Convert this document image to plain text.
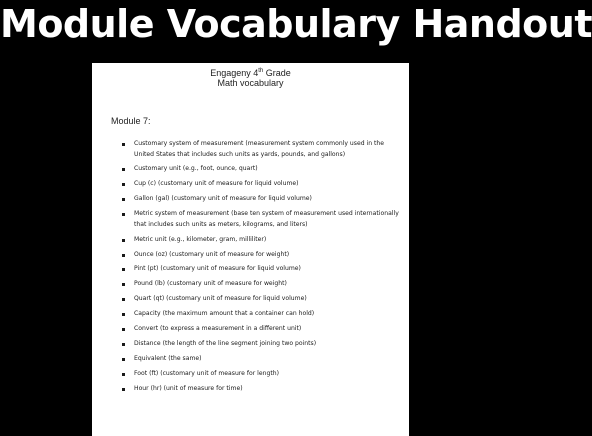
Module Vocabulary Handout
Engageny 4th Grade
Math vocabulary
Module 7:
Customary system of measurement (measurement system commonly used in the United States that includes such units as yards, pounds, and gallons)
Customary unit (e.g., foot, ounce, quart)
Cup (c) (customary unit of measure for liquid volume)
Gallon (gal) (customary unit of measure for liquid volume)
Metric system of measurement (base ten system of measurement used internationally that includes such units as meters, kilograms, and liters)
Metric unit (e.g., kilometer, gram, milliliter)
Ounce (oz) (customary unit of measure for weight)
Pint (pt) (customary unit of measure for liquid volume)
Pound (lb) (customary unit of measure for weight)
Quart (qt) (customary unit of measure for liquid volume)
Capacity (the maximum amount that a container can hold)
Convert (to express a measurement in a different unit)
Distance (the length of the line segment joining two points)
Equivalent (the same)
Foot (ft) (customary unit of measure for length)
Hour (hr) (unit of measure for time)
